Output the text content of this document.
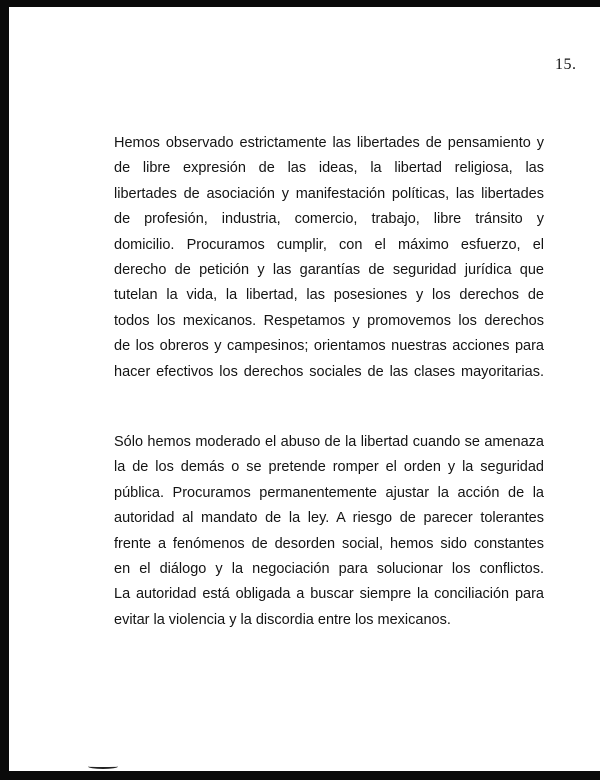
15.
Hemos observado estrictamente las libertades de pensamiento y
de libre expresión de las ideas, la libertad religiosa, las
libertades de asociación y manifestación políticas, las libertades
de profesión, industria, comercio, trabajo, libre tránsito y
domicilio. Procuramos cumplir, con el máximo esfuerzo, el
derecho de petición y las garantías de seguridad jurídica que
tutelan la vida, la libertad, las posesiones y los derechos de
todos los mexicanos. Respetamos y promovemos los derechos
de los obreros y campesinos; orientamos nuestras acciones para
hacer efectivos los derechos sociales de las clases mayoritarias.
Sólo hemos moderado el abuso de la libertad cuando se amenaza
la de los demás o se pretende romper el orden y la seguridad
pública. Procuramos permanentemente ajustar la acción de la
autoridad al mandato de la ley. A riesgo de parecer tolerantes
frente a fenómenos de desorden social, hemos sido constantes
en el diálogo y la negociación para solucionar los conflictos.
La autoridad está obligada a buscar siempre la conciliación para
evitar la violencia y la discordia entre los mexicanos.
